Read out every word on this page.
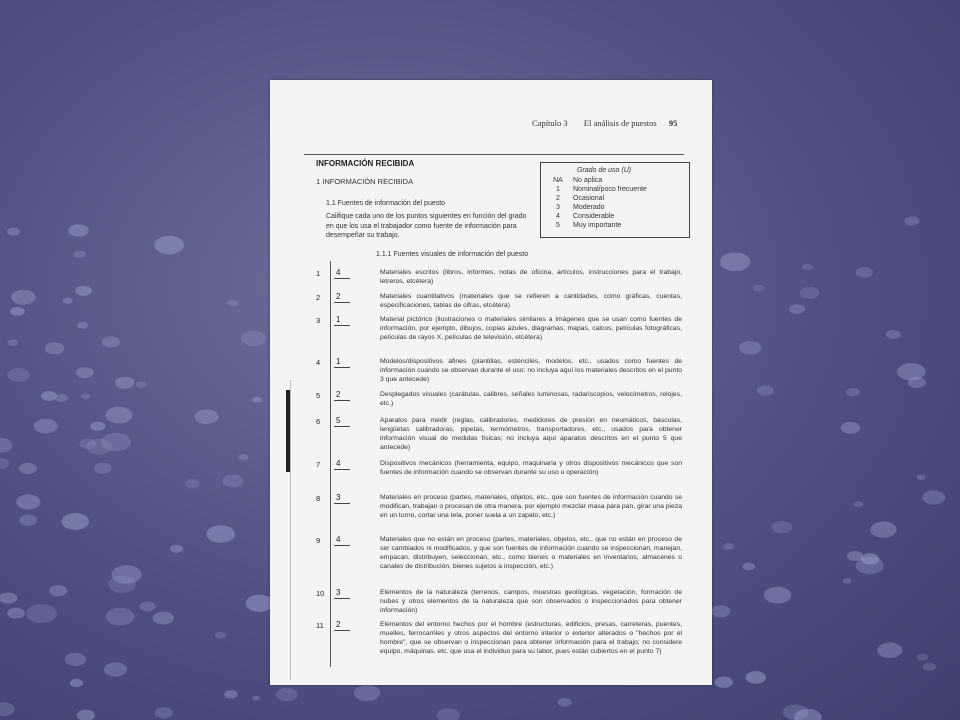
Capítulo 3 El análisis de puestos 95
INFORMACIÓN RECIBIDA
1 INFORMACIÓN RECIBIDA
1.1 Fuentes de información del puesto
Califique cada uno de los puntos siguientes en función del grado en que los usa el trabajador como fuente de información para desempeñar su trabajo.
Grado de uso (U)
NA No aplica
1 Nominal/poco frecuente
2 Ocasional
3 Moderado
4 Considerable
5 Muy importante
1.1.1 Fuentes visuales de información del puesto
1 4	Materiales escritos (libros, informes, notas de oficina, artículos, instrucciones para el trabajo, letreros, etcétera)
2 2	Materiales cuantitativos (materiales que se refieren a cantidades, como gráficas, cuentas, especificaciones, tablas de cifras, etcétera)
3 1	Material pictórico (ilustraciones o materiales similares a imágenes que se usan como fuentes de información, por ejemplo, dibujos, copias azules, diagramas, mapas, calcos, películas fotográficas, películas de rayos X, películas de televisión, etcétera)
4 1	Modelos/dispositivos afines (plantillas, esténciles, modelos, etc., usados como fuentes de información cuando se observan durante el uso; no incluya aquí los materiales descritos en el punto 3 que antecede)
5 2	Desplegados visuales (carátulas, calibres, señales luminosas, radariscopios, velocímetros, relojes, etc.)
6 5	Aparatos para medir (reglas, calibradores, medidores de presión en neumáticos, básculas, lengüetas calibradoras, pipetas, termómetros, transportadores, etc., usados para obtener información visual de medidas físicas; no incluya aquí aparatos descritos en el punto 5 que antecede)
7 4	Dispositivos mecánicos (herramienta, equipo, maquinaria y otros dispositivos mecánicos que son fuentes de información cuando se observan durante su uso u operación)
8 3	Materiales en proceso (partes, materiales, objetos, etc., que son fuentes de información cuando se modifican, trabajan o procesan de otra manera, por ejemplo mezclar masa para pan, girar una pieza en un torno, cortar una tela, poner suela a un zapato, etc.)
9 4	Materiales que no están en proceso (partes, materiales, objetos, etc., que no están en proceso de ser cambiados ni modificados, y que son fuentes de información cuando se inspeccionan, manejan, empacan, distribuyen, seleccionan, etc., como bienes o materiales en inventarios, almacenes o canales de distribución, bienes sujetos a inspección, etc.)
10 3	Elementos de la naturaleza (terrenos, campos, muestras geológicas, vegetación, formación de nubes y otros elementos de la naturaleza que son observados o inspeccionados para obtener información)
11 2	Elementos del entorno hechos por el hombre (estructuras, edificios, presas, carreteras, puentes, muelles, ferrocarriles y otros aspectos del entorno interior o exterior alterados o "hechos por el hombre", que se observan o inspeccionan para obtener información para el trabajo; no considere equipo, máquinas, etc. que usa el individuo para su labor, pues están cubiertos en el punto 7)
